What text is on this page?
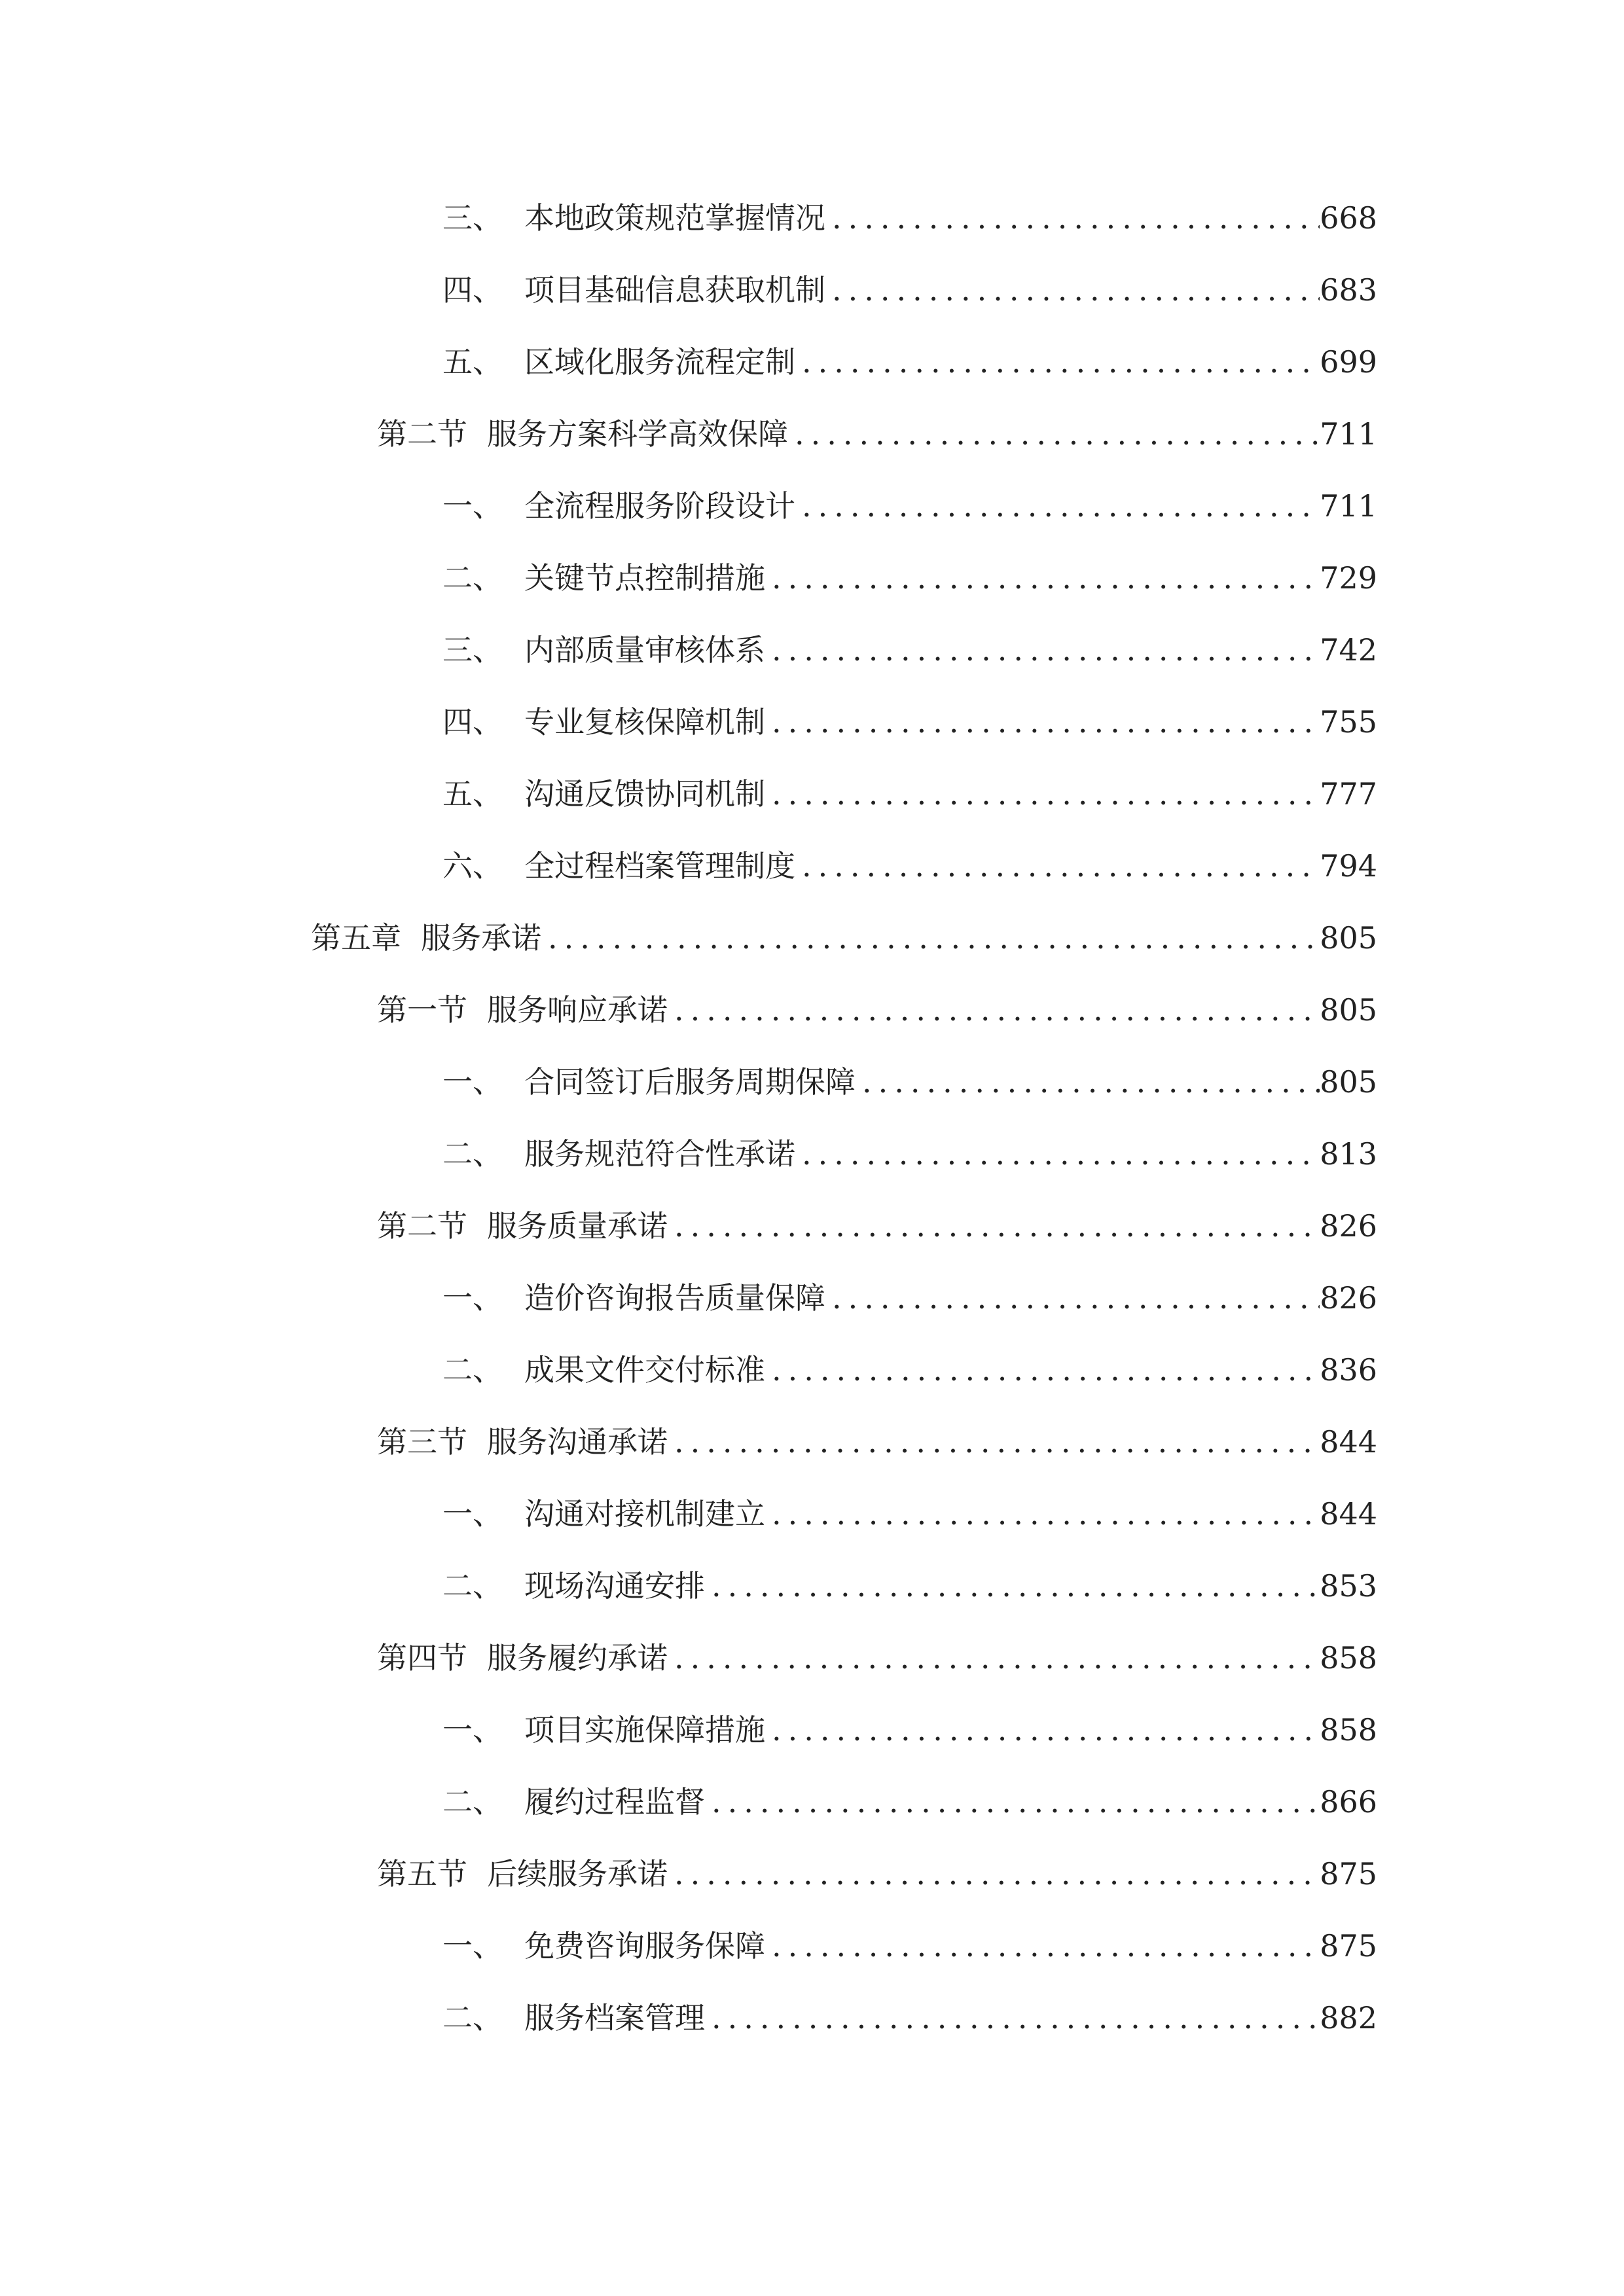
三、 本地政策规范掌握情况 .....	668
四、 项目基础信息获取机制 .....	683
五、 区域化服务流程定制 .....	699
第二节 服务方案科学高效保障 .....	711
一、 全流程服务阶段设计 .....	711
二、 关键节点控制措施 .....	729
三、 内部质量审核体系 .....	742
四、 专业复核保障机制 .....	755
五、 沟通反馈协同机制 .....	777
六、 全过程档案管理制度 .....	794
第五章 服务承诺 .....	805
第一节 服务响应承诺 .....	805
一、 合同签订后服务周期保障 .....	805
二、 服务规范符合性承诺 .....	813
第二节 服务质量承诺 .....	826
一、 造价咨询报告质量保障 .....	826
二、 成果文件交付标准 .....	836
第三节 服务沟通承诺 .....	844
一、 沟通对接机制建立 .....	844
二、 现场沟通安排 .....	853
第四节 服务履约承诺 .....	858
一、 项目实施保障措施 .....	858
二、 履约过程监督 .....	866
第五节 后续服务承诺 .....	875
一、 免费咨询服务保障 .....	875
二、 服务档案管理 .....	882
